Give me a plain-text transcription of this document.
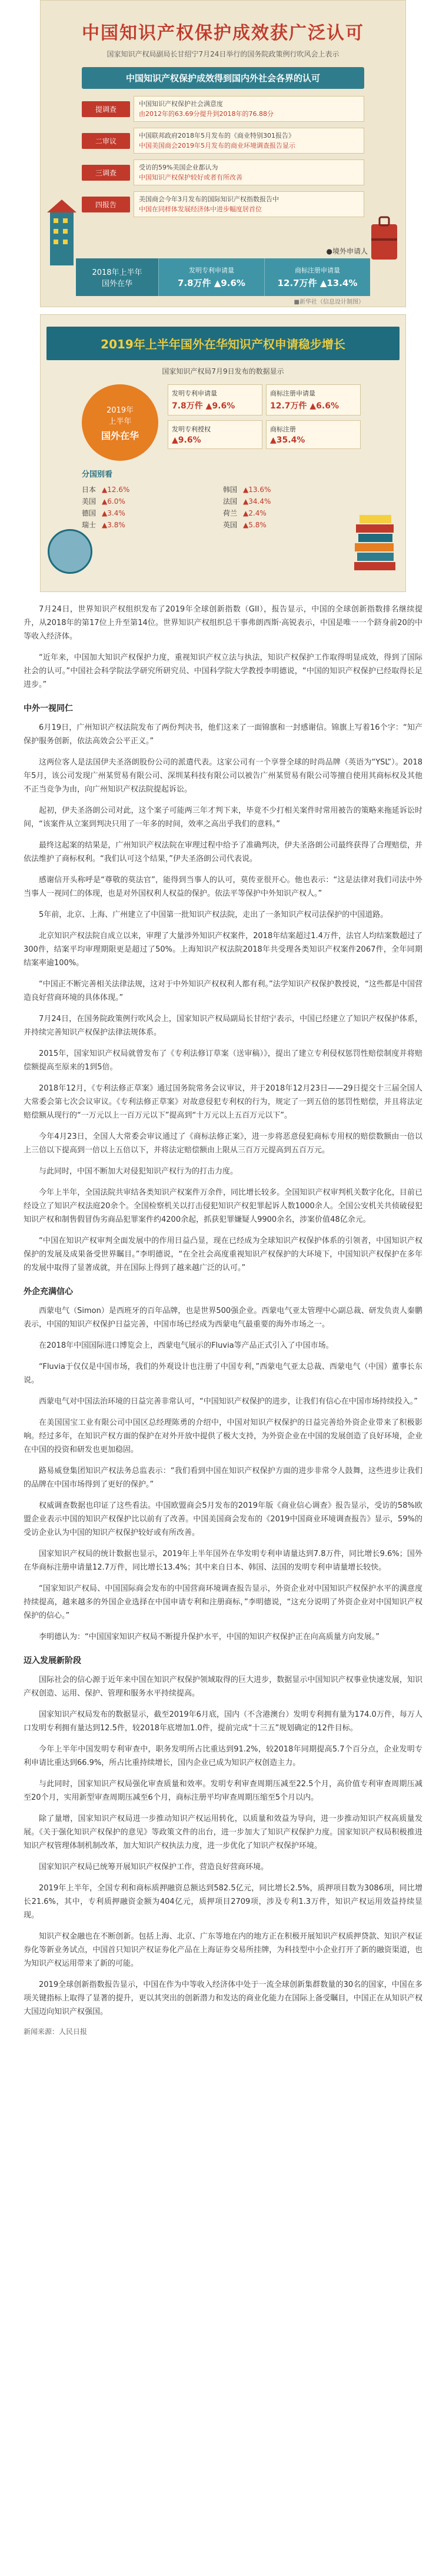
中国知识产权保护成效获广泛认可
国家知识产权局副局长甘绍宁7月24日举行的国务院政策例行吹风会上表示
中国知识产权保护成效得到国内外社会各界的认可
提调查
中国知识产权保护社会满意度
由2012年的63.69分提升到2018年的76.88分
二审议
中国联邦政府2018年5月发布的《商业特别301报告》
中国美国商会2019年5月发布的商业环境调查报告显示
三调查
受访的59%美国企业都认为
中国知识产权保护较好或者有所改善
四报告
美国商会今年3月发布的国际知识产权指数报告中
中国在同样体发展经济体中进步幅度居首位
●境外申请人
2018年上半年
国外在华
发明专利申请量
7.8万件 ▲9.6%
商标注册申请量
12.7万件 ▲13.4%
■新华社（信息设计制图）
2019年上半年国外在华知识产权申请稳步增长
国家知识产权局7月9日发布的数据显示
2019年
上半年
国外在华
发明专利申请量
7.8万件 ▲9.6%
商标注册申请量
12.7万件 ▲6.6%
发明专利授权
▲9.6%
商标注册
▲35.4%
分国别看
日本 ▲12.6%
美国 ▲6.0%
德国 ▲3.4%
瑞士 ▲3.8%
韩国 ▲13.6%
法国 ▲34.4%
荷兰 ▲2.4%
英国 ▲5.8%

7月24日，世界知识产权组织发布了2019年全球创新指数（GII），报告显示，中国的全球创新指数排名继续提升，从2018年的第17位上升至第14位。世界知识产权组织总干事弗朗西斯·高锐表示，中国是唯一一个跻身前20的中等收入经济体。

“近年来，中国加大知识产权保护力度，重视知识产权立法与执法，知识产权保护工作取得明显成效，得到了国际社会的认可。”中国社会科学院法学研究所研究员、中国科学院大学教授李明德说，“中国的知识产权保护已经取得长足进步。”

中外一视同仁

6月19日，广州知识产权法院发布了两份判决书，他们这来了一面锦旗和一封感谢信。锦旗上写着16个字：“知产保护服务创新，依法高效会公平正义。”

这两位客人是法国伊夫圣洛朗股份公司的派遣代表。这家公司有一个享誉全球的时尚品牌（英语为“YSL”）。2018年5月，该公司发现广州某贸易有限公司、深圳某科技有限公司以被告广州某贸易有限公司等擅自使用其商标权及其他不正当竞争为由，向广州知识产权法院提起诉讼。

起初，伊夫圣洛朗公司对此，这个案子可能两三年才判下来，毕竟不少打相关案件时常用被告的策略来拖延诉讼时间，“该案件从立案到判决只用了一年多的时间，效率之高出乎我们的意料。”

最终这起案的结果是，广州知识产权法院在审理过程中给予了准确判决，伊夫圣洛朗公司最终获得了合理赔偿，并依法维护了商标权利。“我们认可这个结果，”伊夫圣洛朗公司代表说。

感谢信开头称呼是“尊敬的莫法官”，能得到当事人的认可，莫传亚很开心。他也表示：“这是法律对我们司法中外当事人一视同仁的体现，也是对外国权利人权益的保护。依法平等保护中外知识产权人。”

5年前，北京、上海、广州建立了中国第一批知识产权法院，走出了一条知识产权司法保护的中国道路。

北京知识产权法院自成立以来，审理了大量涉外知识产权案件，2018年结案超过1.4万件，法官人均结案数超过了300件，结案平均审理期限更是超过了50%。上海知识产权法院2018年共受理各类知识产权案件2067件，全年同期结案率逾100%。

“中国正不断完善相关法律法规，这对于中外知识产权权利人都有利。”法学知识产权保护教授说，“这些都是中国营造良好营商环境的具体体现。”

7月24日，在国务院政策例行吹风会上，国家知识产权局副局长甘绍宁表示，中国已经建立了知识产权保护体系，并持续完善知识产权保护法律法规体系。

2015年，国家知识产权局就曾发布了《专利法修订草案（送审稿）》，提出了建立专利侵权惩罚性赔偿制度并将赔偿额提高至原来的1到5倍。

2018年12月，《专利法修正草案》通过国务院常务会议审议，并于2018年12月23日——29日提交十三届全国人大常委会第七次会议审议。《专利法修正草案》对故意侵犯专利权的行为，规定了一到五倍的惩罚性赔偿，并且将法定赔偿额从现行的“一万元以上一百万元以下”提高到“十万元以上五百万元以下”。

今年4月23日，全国人大常委会审议通过了《商标法修正案》，进一步将恶意侵犯商标专用权的赔偿数额由一倍以上三倍以下提高到一倍以上五倍以下，并将法定赔偿额由上限从三百万元提高到五百万元。

与此同时，中国不断加大对侵犯知识产权行为的打击力度。

今年上半年，全国法院共审结各类知识产权案件万余件，同比增长较多。全国知识产权审判机关数字化化，目前已经设立了知识产权法庭20余个。全国检察机关以打击侵犯知识产权犯罪起诉人数1000余人。全国公安机关共侦破侵犯知识产权和制售假冒伪劣商品犯罪案件约4200余起，抓获犯罪嫌疑人9900余名，涉案价值48亿余元。

“中国在知识产权审判全面发展中的作用日益凸显，现在已经成为全球知识产权保护体系的引领者，中国知识产权保护的发展及成果备受世界瞩目。”李明德说，“在全社会高度重视知识产权保护的大环境下，中国知识产权保护在多年的发展中取得了显著成就，并在国际上得到了越来越广泛的认可。”

外企充满信心

西蒙电气（Simon）是西班牙的百年品牌，也是世界500强企业。西蒙电气亚太管理中心副总裁、研发负责人秦鹏表示，中国的知识产权保护日益完善，中国市场已经成为西蒙电气最重要的海外市场之一。

在2018年中国国际进口博览会上，西蒙电气展示的Fluvia等产品正式引入了中国市场。

“Fluvia于仅仅是中国市场，我们的外观设计也注册了中国专利，”西蒙电气亚太总裁、西蒙电气（中国）董事长东说。

西蒙电气对中国法治环境的日益完善非常认可，“中国知识产权保护的进步，让我们有信心在中国市场持续投入。”

在美国国宝工业有限公司中国区总经理陈勇的介绍中，中国对知识产权保护的日益完善给外资企业带来了积极影响。经过多年，在知识产权方面的保护在对外开放中提供了极大支持，为外资企业在中国的发展创造了良好环境，企业在中国的投资和研发也更加稳固。

路易威登集团知识产权法务总监表示：“我们看到中国在知识产权保护方面的进步非常令人鼓舞，这些进步让我们的品牌在中国市场得到了更好的保护。”

权威调查数据也印证了这些看法。中国欧盟商会5月发布的2019年版《商业信心调查》报告显示，受访的58%欧盟企业表示中国的知识产权保护比以前有了改善。中国美国商会发布的《2019中国商业环境调查报告》显示，59%的受访企业认为中国的知识产权保护较好或有所改善。

国家知识产权局的统计数据也显示，2019年上半年国外在华发明专利申请量达到7.8万件，同比增长9.6%；国外在华商标注册申请量12.7万件，同比增长13.4%；其中来自日本、韩国、法国的发明专利申请量增长较快。

“国家知识产权局、中国国际商会发布的中国营商环境调查报告显示，外资企业对中国知识产权保护水平的满意度持续提高，越来越多的外国企业选择在中国申请专利和注册商标，”李明德说，“这充分说明了外资企业对中国知识产权保护的信心。”

李明德认为：“中国国家知识产权局不断提升保护水平，中国的知识产权保护正在向高质量方向发展。”

迈入发展新阶段

国际社会的信心源于近年来中国在知识产权保护领域取得的巨大进步，数据显示中国知识产权事业快速发展，知识产权创造、运用、保护、管理和服务水平持续提高。

国家知识产权局发布的数据显示，截至2019年6月底，国内（不含港澳台）发明专利拥有量为174.0万件，每万人口发明专利拥有量达到12.5件，较2018年底增加1.0件，提前完成“十三五”规划确定的12件目标。

今年上半年中国发明专利审查中，职务发明所占比重达到91.2%，较2018年同期提高5.7个百分点，企业发明专利申请比重达到66.9%，所占比重持续增长，国内企业已成为知识产权创造主力。

与此同时，国家知识产权局强化审查质量和效率。发明专利审查周期压减至22.5个月，高价值专利审查周期压减至20个月，实用新型审查周期压减至6个月，商标注册平均审查周期压缩至5个月以内。

除了量增，国家知识产权局进一步推动知识产权运用转化，以质量和效益为导向，进一步推动知识产权高质量发展。《关于强化知识产权保护的意见》等政策文件的出台，进一步加大了知识产权保护力度。国家知识产权局积极推进知识产权管理体制机制改革，加大知识产权执法力度，进一步优化了知识产权保护环境。

国家知识产权局已统筹开展知识产权保护工作，营造良好营商环境。

2019年上半年，全国专利和商标质押融资总额达到582.5亿元，同比增长2.5%，质押项目数为3086项，同比增长21.6%，其中，专利质押融资金额为404亿元，质押项目2709项，涉及专利1.3万件，知识产权运用效益持续显现。

知识产权金融也在不断创新。包括上海、北京、广东等地在内的地方正在积极开展知识产权质押贷款、知识产权证券化等新业务试点，中国首只知识产权证券化产品在上海证券交易所挂牌，为科技型中小企业打开了新的融资渠道，也为知识产权运用带来了新的可能。

2019全球创新指数报告显示，中国在作为中等收入经济体中处于一流全球创新集群数量的30名的国家，中国在多项关键指标上取得了显著的提升，更以其突出的创新潜力和发达的商业化能力在国际上备受瞩目，中国正在从知识产权大国迈向知识产权强国。

新闻来源：人民日报
